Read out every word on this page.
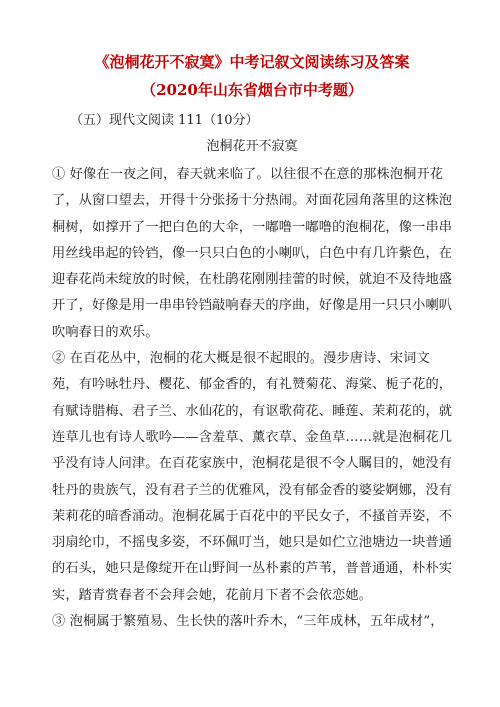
《泡桐花开不寂寞》中考记叙文阅读练习及答案
（2020年山东省烟台市中考题）
（五）现代文阅读 111（10分）
泡桐花开不寂寞

① 好像在一夜之间，春天就来临了。以往很不在意的那株泡桐开花
了，从窗口望去，开得十分张扬十分热闹。对面花园角落里的这株泡
桐树，如撑开了一把白色的大伞，一嘟噜一嘟噜的泡桐花，像一串串
用丝线串起的铃铛，像一只只白色的小喇叭，白色中有几许紫色，在
迎春花尚未绽放的时候，在杜鹃花刚刚挂蕾的时候，就迫不及待地盛
开了，好像是用一串串铃铛敲响春天的序曲，好像是用一只只小喇叭
吹响春日的欢乐。

② 在百花丛中，泡桐的花大概是很不起眼的。漫步唐诗、宋词文
苑，有吟咏牡丹、樱花、郁金香的，有礼赞菊花、海棠、栀子花的，
有赋诗腊梅、君子兰、水仙花的，有讴歌荷花、睡莲、茉莉花的，就
连草儿也有诗人歌吟——含羞草、薰衣草、金鱼草……就是泡桐花几
乎没有诗人问津。在百花家族中，泡桐花是很不令人瞩目的，她没有
牡丹的贵族气，没有君子兰的优雅风，没有郁金香的婆娑婀娜，没有
茉莉花的暗香涌动。泡桐花属于百花中的平民女子，不搔首弄姿，不
羽扇纶巾，不摇曳多姿，不环佩叮当，她只是如伫立池塘边一块普通
的石头，她只是像绽开在山野间一丛朴素的芦苇，普普通通，朴朴实
实，踏青赏春者不会拜会她，花前月下者不会依恋她。

③ 泡桐属于繁殖易、生长快的落叶乔木，“三年成林，五年成材”，
